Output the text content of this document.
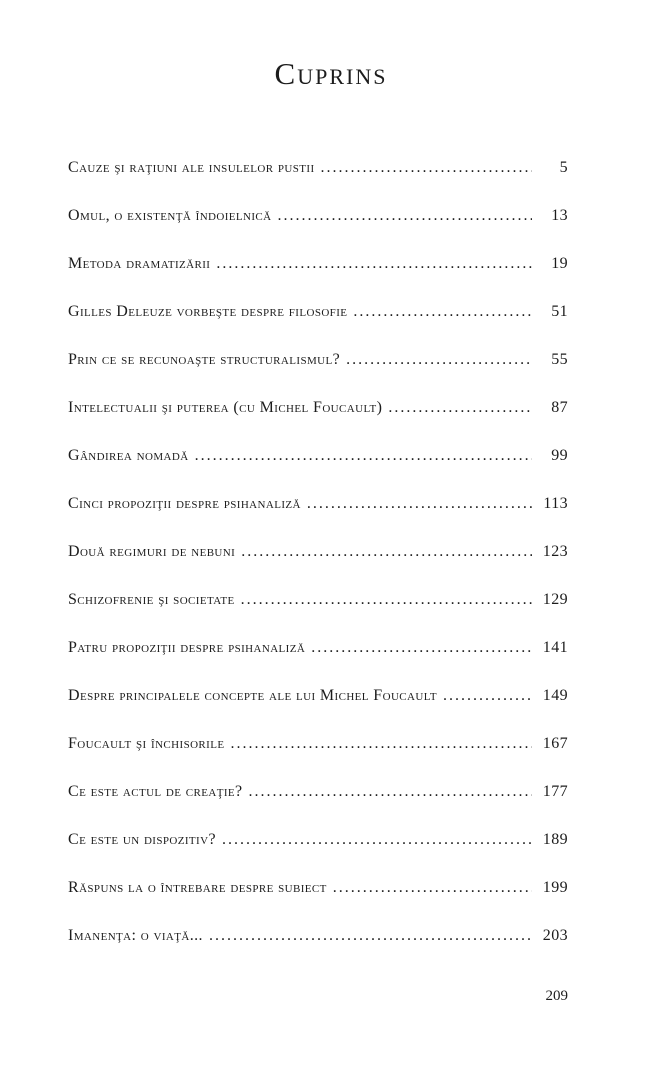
Cuprins
Cauze şi raţiuni ale insulelor pustii .....	5
Omul, o existenţă îndoielnică .....	13
Metoda dramatizării .....	19
Gilles Deleuze vorbeşte despre filosofie .....	51
Prin ce se recunoaşte structuralismul? .....	55
Intelectualii şi puterea (cu Michel Foucault) .....	87
Gândirea nomadă .....	99
Cinci propoziţii despre psihanaliză .....	113
Două regimuri de nebuni .....	123
Schizofrenie şi societate .....	129
Patru propoziţii despre psihanaliză .....	141
Despre principalele concepte ale lui Michel Foucault .....	149
Foucault şi închisorile .....	167
Ce este actul de creaţie? .....	177
Ce este un dispozitiv? .....	189
Răspuns la o întrebare despre subiect .....	199
Imanenţa: o viaţă... .....	203
209
